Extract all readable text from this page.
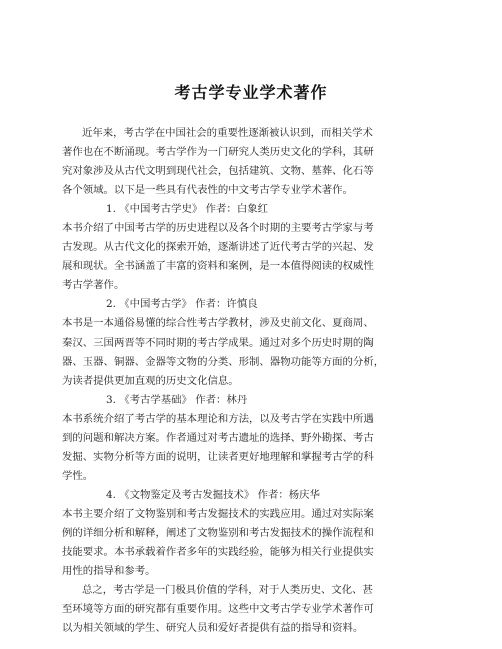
考古学专业学术著作
近年来，考古学在中国社会的重要性逐渐被认识到，而相关学术
著作也在不断涌现。考古学作为一门研究人类历史文化的学科，其研
究对象涉及从古代文明到现代社会，包括建筑、文物、墓葬、化石等
各个领域。以下是一些具有代表性的中文考古学专业学术著作。
1. 《中国考古学史》 作者：白象红
本书介绍了中国考古学的历史进程以及各个时期的主要考古学家与考
古发现。从古代文化的探索开始，逐渐讲述了近代考古学的兴起、发
展和现状。全书涵盖了丰富的资料和案例，是一本值得阅读的权威性
考古学著作。
2. 《中国考古学》 作者：许慎良
本书是一本通俗易懂的综合性考古学教材，涉及史前文化、夏商周、
秦汉、三国两晋等不同时期的考古学成果。通过对多个历史时期的陶
器、玉器、铜器、金器等文物的分类、形制、器物功能等方面的分析，
为读者提供更加直观的历史文化信息。
3. 《考古学基础》 作者：林丹
本书系统介绍了考古学的基本理论和方法，以及考古学在实践中所遇
到的问题和解决方案。作者通过对考古遗址的选择、野外勘探、考古
发掘、实物分析等方面的说明，让读者更好地理解和掌握考古学的科
学性。
4. 《文物鉴定及考古发掘技术》 作者：杨庆华
本书主要介绍了文物鉴别和考古发掘技术的实践应用。通过对实际案
例的详细分析和解释，阐述了文物鉴别和考古发掘技术的操作流程和
技能要求。本书承载着作者多年的实践经验，能够为相关行业提供实
用性的指导和参考。
总之，考古学是一门极具价值的学科，对于人类历史、文化、甚
至环境等方面的研究都有重要作用。这些中文考古学专业学术著作可
以为相关领域的学生、研究人员和爱好者提供有益的指导和资料。
